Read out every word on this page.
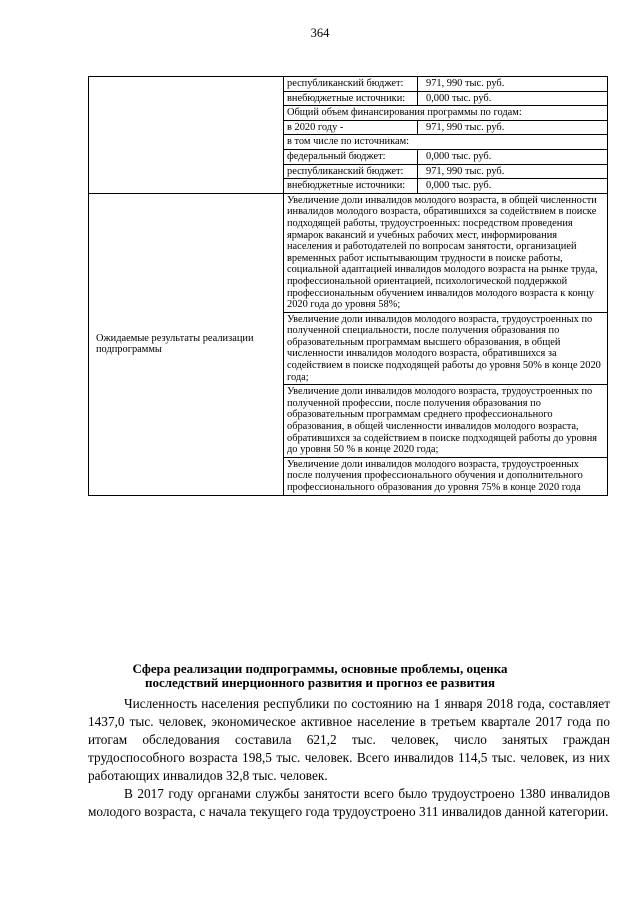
364
	республиканский бюджет:	971, 990 тыс. руб.
	внебюджетные источники:	0,000 тыс. руб.
	Общий объем финансирования программы по годам:	
	в 2020 году -	971, 990 тыс. руб.
	в том числе по источникам:	
	федеральный бюджет:	0,000 тыс. руб.
	республиканский бюджет:	971, 990 тыс. руб.
	внебюджетные источники:	0,000 тыс. руб.
Ожидаемые результаты реализации подпрограммы	Увеличение доли инвалидов молодого возраста, в общей численности инвалидов молодого возраста, обратившихся за содействием в поиске подходящей работы, трудоустроенных: посредством проведения ярмарок вакансий и учебных рабочих мест, информирования населения и работодателей по вопросам занятости, организацией временных работ испытывающим трудности в поиске работы, социальной адаптацией инвалидов молодого возраста на рынке труда, профессиональной ориентацией, психологической поддержкой профессиональным обучением инвалидов молодого возраста к концу 2020 года до уровня 58%;	
	Увеличение доли инвалидов молодого возраста, трудоустроенных по полученной специальности, после получения образования по образовательным программам высшего образования, в общей численности инвалидов молодого возраста, обратившихся за содействием в поиске подходящей работы до уровня 50% в конце 2020 года;	
	Увеличение доли инвалидов молодого возраста, трудоустроенных по полученной профессии, после получения образования по образовательным программам среднего профессионального образования, в общей численности инвалидов молодого возраста, обратившихся за содействием в поиске подходящей работы до уровня до уровня 50 % в конце 2020 года;	
	Увеличение доли инвалидов молодого возраста, трудоустроенных после получения профессионального обучения и дополнительного профессионального образования до уровня 75% в конце 2020 года	
Сфера реализации подпрограммы, основные проблемы, оценка последствий инерционного развития и прогноз ее развития

Численность населения республики по состоянию на 1 января 2018 года, составляет 1437,0 тыс. человек, экономическое активное население в третьем квартале 2017 года по итогам обследования составила 621,2 тыс. человек, число занятых граждан трудоспособного возраста 198,5 тыс. человек. Всего инвалидов 114,5 тыс. человек, из них работающих инвалидов 32,8 тыс. человек.

В 2017 году органами службы занятости всего было трудоустроено 1380 инвалидов молодого возраста, с начала текущего года трудоустроено 311 инвалидов данной категории.
